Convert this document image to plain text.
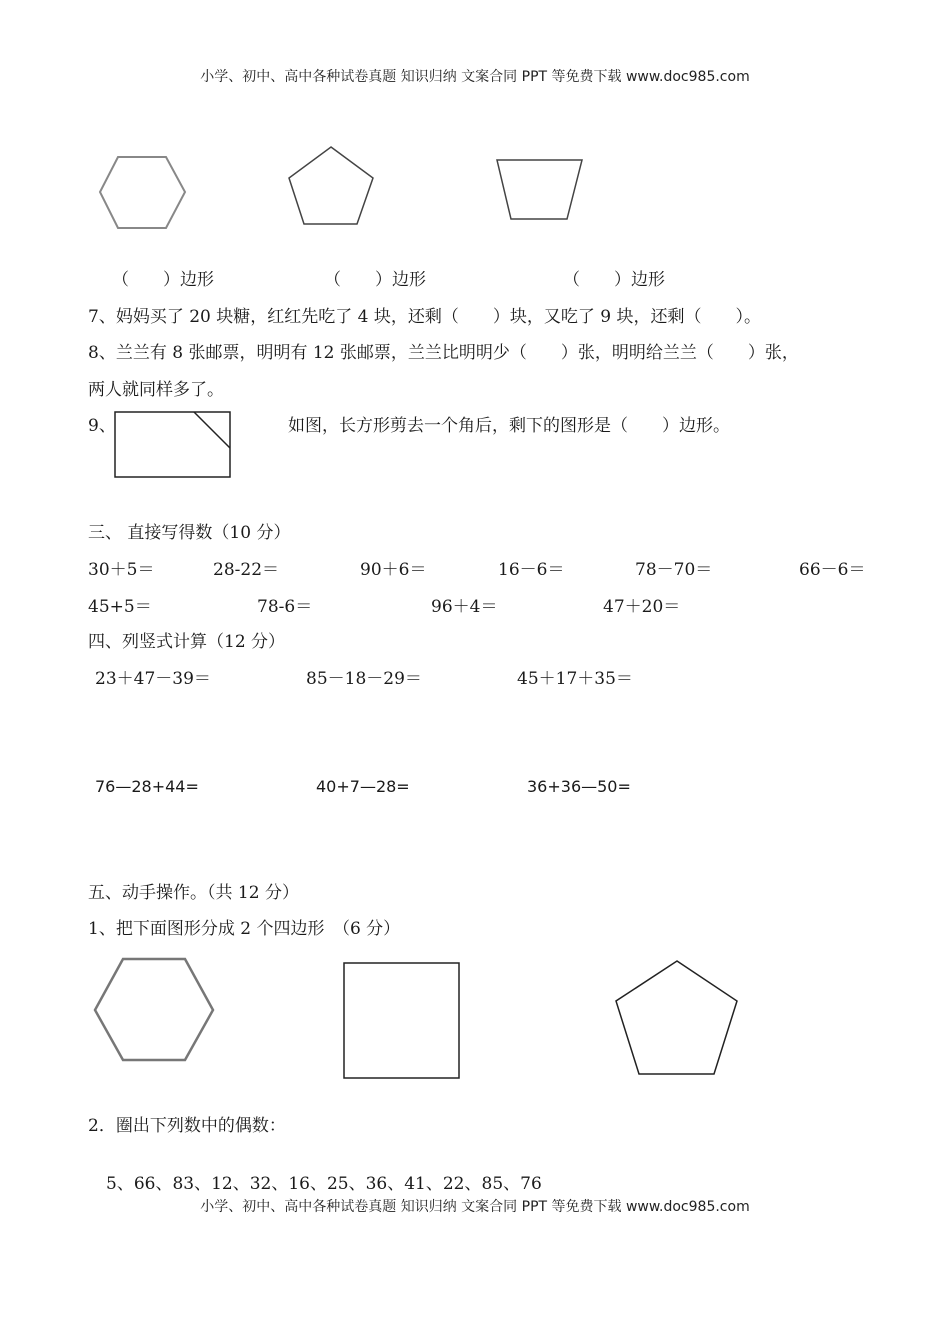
小学、初中、高中各种试卷真题 知识归纳 文案合同 PPT 等免费下载 www.doc985.com
（　　）边形	（　　）边形	（　　）边形
7、妈妈买了 20 块糖，红红先吃了 4 块，还剩（　　）块，又吃了 9 块，还剩（　　）。
8、兰兰有 8 张邮票，明明有 12 张邮票，兰兰比明明少（　　）张，明明给兰兰（　　）张，
两人就同样多了。
9、	如图，长方形剪去一个角后，剩下的图形是（　　）边形。
三、 直接写得数（10 分）
30＋5＝	28-22＝	90＋6＝	16－6＝	78－70＝	66－6＝
45+5＝	78-6＝	96＋4＝	47＋20＝
四、列竖式计算（12 分）
23＋47－39＝	85－18－29＝	45＋17＋35＝
76—28+44=	40+7—28=	36+36—50=
五、动手操作。（共 12 分）
1、把下面图形分成 2 个四边形　（6 分）
2．圈出下列数中的偶数：
5、66、83、12、32、16、25、36、41、22、85、76
小学、初中、高中各种试卷真题 知识归纳 文案合同 PPT 等免费下载 www.doc985.com
